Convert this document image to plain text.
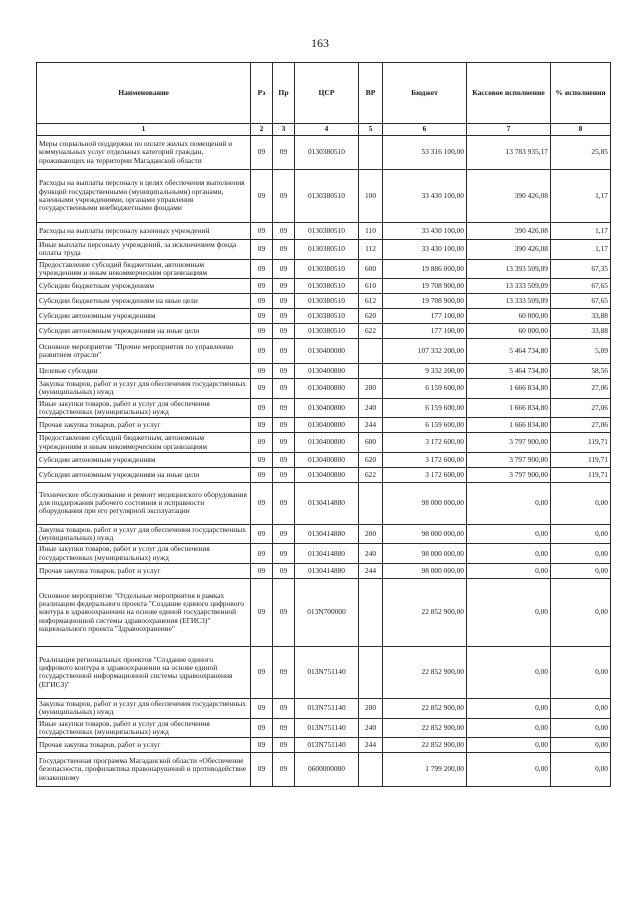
163
Наименование	Рз	Пр	ЦСР	ВР	Бюджет	Кассовое исполнение	% исполнения
1	2	3	4	5	6	7	8
Меры социальной поддержки по оплате жилых помещений и коммунальных услуг отдельных категорий граждан, проживающих на территории Магаданской области	09	09	0130380510		53 316 100,00	13 783 935,17	25,85
Расходы на выплаты персоналу в целях обеспечения выполнения функций государственными (муниципальными) органами, казенными учреждениями, органами управления государственными внебюджетными фондами	09	09	0130380510	100	33 430 100,00	390 426,08	1,17
Расходы на выплаты персоналу казенных учреждений	09	09	0130380510	110	33 430 100,00	390 426,08	1,17
Иные выплаты персоналу учреждений, за исключением фонда оплаты труда	09	09	0130380510	112	33 430 100,00	390 426,08	1,17
Предоставление субсидий бюджетным, автономным учреждениям и иным некоммерческим организациям	09	09	0130380510	600	19 886 000,00	13 393 509,09	67,35
Субсидии бюджетным учреждениям	09	09	0130380510	610	19 708 900,00	13 333 509,09	67,65
Субсидии бюджетным учреждениям на иные цели	09	09	0130380510	612	19 708 900,00	13 333 509,09	67,65
Субсидии автономным учреждениям	09	09	0130380510	620	177 100,00	60 000,00	33,88
Субсидии автономным учреждениям на иные цели	09	09	0130380510	622	177 100,00	60 000,00	33,88
Основное мероприятие "Прочие мероприятия по управлению развитием отрасли"	09	09	0130400000		107 332 200,00	5 464 734,80	5,09
Целевые субсидии	09	09	0130400800		9 332 200,00	5 464 734,80	58,56
Закупка товаров, работ и услуг для обеспечения государственных (муниципальных) нужд	09	09	0130400800	200	6 159 600,00	1 666 834,80	27,06
Иные закупки товаров, работ и услуг для обеспечения государственных (муниципальных) нужд	09	09	0130400800	240	6 159 600,00	1 666 834,80	27,06
Прочая закупка товаров, работ и услуг	09	09	0130400800	244	6 159 600,00	1 666 834,80	27,06
Предоставление субсидий бюджетным, автономным учреждениям и иным некоммерческим организациям	09	09	0130400800	600	3 172 600,00	3 797 900,00	119,71
Субсидии автономным учреждениям	09	09	0130400800	620	3 172 600,00	3 797 900,00	119,71
Субсидии автономным учреждениям на иные цели	09	09	0130400800	622	3 172 600,00	3 797 900,00	119,71
Техническое обслуживание и ремонт медицинского оборудования для поддержания рабочего состояния и исправности оборудования при его регулярной эксплуатации	09	09	0130414880		98 000 000,00	0,00	0,00
Закупка товаров, работ и услуг для обеспечения государственных (муниципальных) нужд	09	09	0130414880	200	98 000 000,00	0,00	0,00
Иные закупки товаров, работ и услуг для обеспечения государственных (муниципальных) нужд	09	09	0130414880	240	98 000 000,00	0,00	0,00
Прочая закупка товаров, работ и услуг	09	09	0130414880	244	98 000 000,00	0,00	0,00
Основное мероприятие "Отдельные мероприятия в рамках реализации федерального проекта "Создание единого цифрового контура в здравоохранении на основе единой государственной информационной системы здравоохранения (ЕГИСЗ)" национального проекта "Здравоохранение"	09	09	013N700000		22 852 900,00	0,00	0,00
Реализация региональных проектов "Создание единого цифрового контура в здравоохранении на основе единой государственной информационной системы здравоохранения (ЕГИСЗ)"	09	09	013N751140		22 852 900,00	0,00	0,00
Закупка товаров, работ и услуг для обеспечения государственных (муниципальных) нужд	09	09	013N751140	200	22 852 900,00	0,00	0,00
Иные закупки товаров, работ и услуг для обеспечения государственных (муниципальных) нужд	09	09	013N751140	240	22 852 900,00	0,00	0,00
Прочая закупка товаров, работ и услуг	09	09	013N751140	244	22 852 900,00	0,00	0,00
Государственная программа Магаданской области «Обеспечение безопасности, профилактика правонарушений и противодействие незаконному	09	09	0600000000		1 799 200,00	0,00	0,00
